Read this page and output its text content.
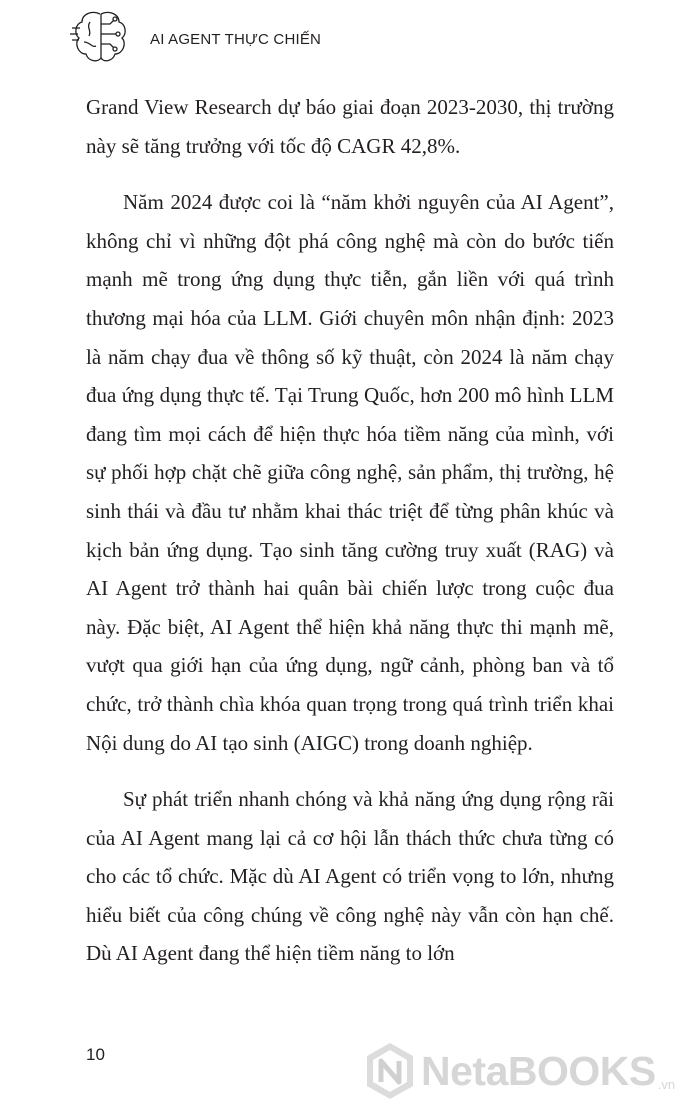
AI AGENT THỰC CHIẾN

Grand View Research dự báo giai đoạn 2023-2030, thị trường này sẽ tăng trưởng với tốc độ CAGR 42,8%.

Năm 2024 được coi là “năm khởi nguyên của AI Agent”, không chỉ vì những đột phá công nghệ mà còn do bước tiến mạnh mẽ trong ứng dụng thực tiễn, gắn liền với quá trình thương mại hóa của LLM. Giới chuyên môn nhận định: 2023 là năm chạy đua về thông số kỹ thuật, còn 2024 là năm chạy đua ứng dụng thực tế. Tại Trung Quốc, hơn 200 mô hình LLM đang tìm mọi cách để hiện thực hóa tiềm năng của mình, với sự phối hợp chặt chẽ giữa công nghệ, sản phẩm, thị trường, hệ sinh thái và đầu tư nhằm khai thác triệt để từng phân khúc và kịch bản ứng dụng. Tạo sinh tăng cường truy xuất (RAG) và AI Agent trở thành hai quân bài chiến lược trong cuộc đua này. Đặc biệt, AI Agent thể hiện khả năng thực thi mạnh mẽ, vượt qua giới hạn của ứng dụng, ngữ cảnh, phòng ban và tổ chức, trở thành chìa khóa quan trọng trong quá trình triển khai Nội dung do AI tạo sinh (AIGC) trong doanh nghiệp.

Sự phát triển nhanh chóng và khả năng ứng dụng rộng rãi của AI Agent mang lại cả cơ hội lẫn thách thức chưa từng có cho các tổ chức. Mặc dù AI Agent có triển vọng to lớn, nhưng hiểu biết của công chúng về công nghệ này vẫn còn hạn chế. Dù AI Agent đang thể hiện tiềm năng to lớn

10	NetaBOOKS .vn
